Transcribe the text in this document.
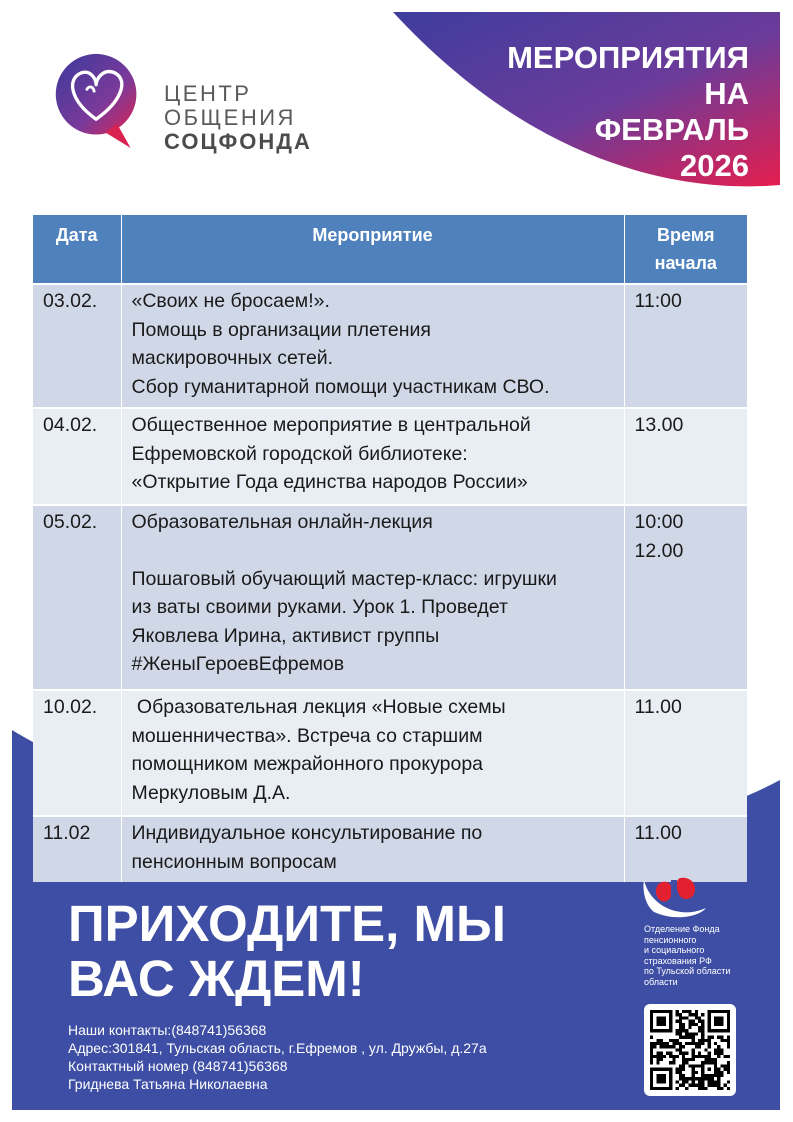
ЦЕНТР
ОБЩЕНИЯ
СОЦФОНДА
МЕРОПРИЯТИЯ
НА
ФЕВРАЛЬ
2026
Дата	Мероприятие	Время начала
03.02.	«Своих не бросаем!».
Помощь в организации плетения
маскировочных сетей.
Сбор гуманитарной помощи участникам СВО.	11:00

04.02.	Общественное мероприятие в центральной
Ефремовской городской библиотеке:
«Открытие Года единства народов России»	13.00

05.02.	Образовательная онлайн-лекция
Пошаговый обучающий мастер-класс: игрушки
из ваты своими руками. Урок 1. Проведет
Яковлева Ирина, активист группы
#ЖеныГероевЕфремов	10:00
12.00

10.02.	Образовательная лекция «Новые схемы
мошенничества». Встреча со старшим
помощником межрайонного прокурора
Меркуловым Д.А.	11.00

11.02	Индивидуальное консультирование по
пенсионным вопросам	11.00
ПРИХОДИТЕ, МЫ
ВАС ЖДЕМ!
Наши контакты:(848741)56368
Адрес:301841, Тульская область, г.Ефремов , ул. Дружбы, д.27а
Контактный номер (848741)56368
Гриднева Татьяна Николаевна
Отделение Фонда
пенсионного
и социального
страхования РФ
по Тульской области
области
